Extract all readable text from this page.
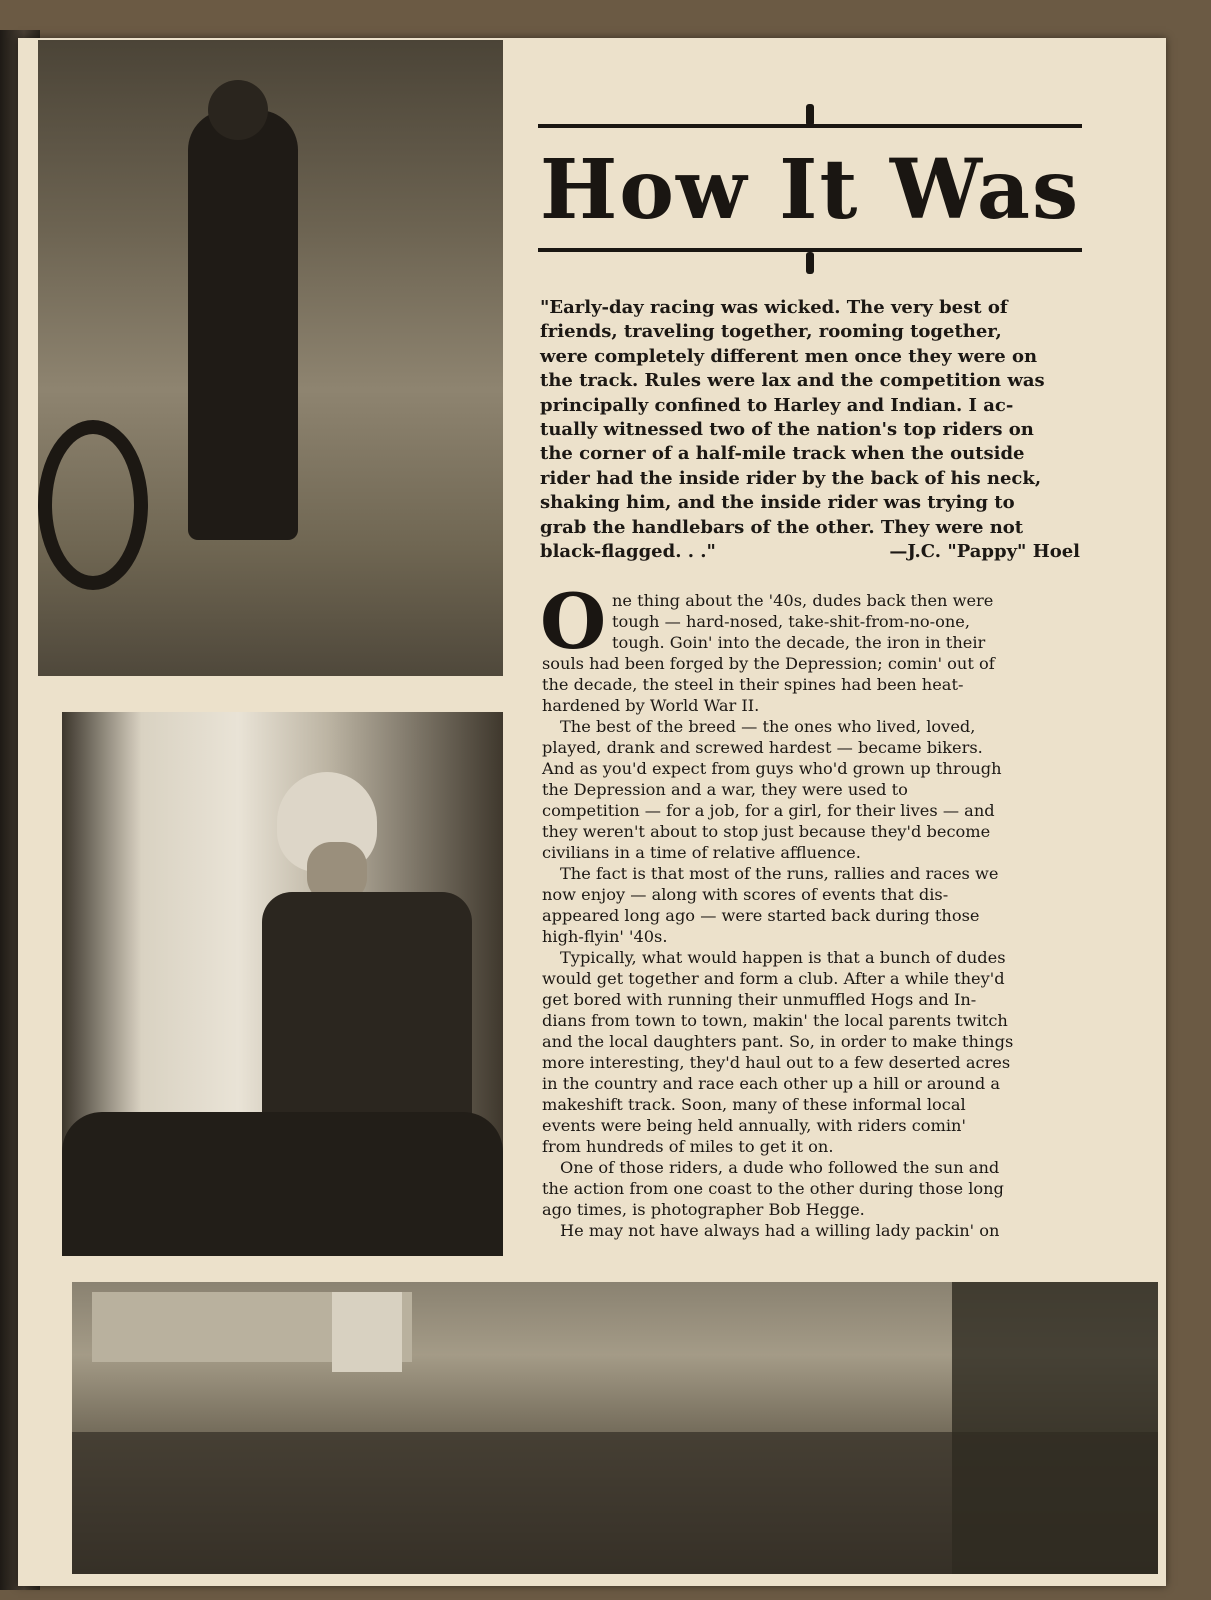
How It Was
"Early-day racing was wicked. The very best of
friends, traveling together, rooming together,
were completely different men once they were on
the track. Rules were lax and the competition was
principally confined to Harley and Indian. I ac-
tually witnessed two of the nation's top riders on
the corner of a half-mile track when the outside
rider had the inside rider by the back of his neck,
shaking him, and the inside rider was trying to
grab the handlebars of the other. They were not
black-flagged. . ."	—J.C. "Pappy" Hoel
O ne thing about the '40s, dudes back then were
tough — hard-nosed, take-shit-from-no-one,
tough. Goin' into the decade, the iron in their
souls had been forged by the Depression; comin' out of
the decade, the steel in their spines had been heat-
hardened by World War II.
The best of the breed — the ones who lived, loved,
played, drank and screwed hardest — became bikers.
And as you'd expect from guys who'd grown up through
the Depression and a war, they were used to
competition — for a job, for a girl, for their lives — and
they weren't about to stop just because they'd become
civilians in a time of relative affluence.
The fact is that most of the runs, rallies and races we
now enjoy — along with scores of events that dis-
appeared long ago — were started back during those
high-flyin' '40s.
Typically, what would happen is that a bunch of dudes
would get together and form a club. After a while they'd
get bored with running their unmuffled Hogs and In-
dians from town to town, makin' the local parents twitch
and the local daughters pant. So, in order to make things
more interesting, they'd haul out to a few deserted acres
in the country and race each other up a hill or around a
makeshift track. Soon, many of these informal local
events were being held annually, with riders comin'
from hundreds of miles to get it on.
One of those riders, a dude who followed the sun and
the action from one coast to the other during those long
ago times, is photographer Bob Hegge.
He may not have always had a willing lady packin' on
